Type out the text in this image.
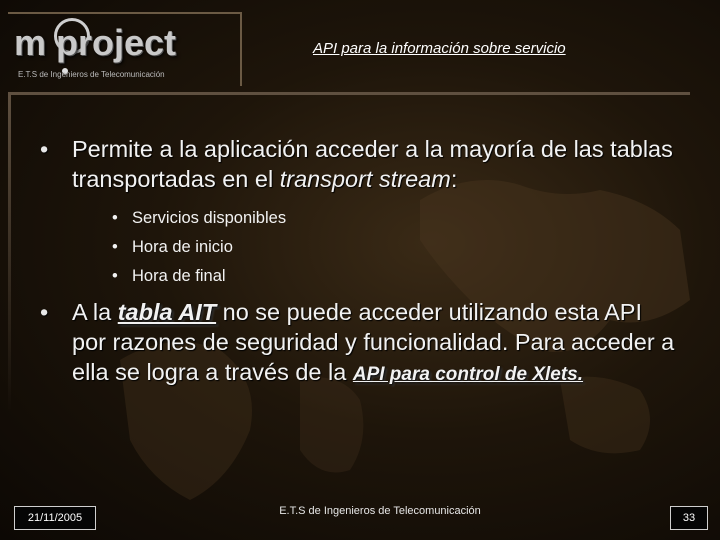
m project
E.T.S de Ingenieros de Telecomunicación
API para la información sobre servicio
• Permite a la aplicación acceder a la mayoría de las tablas transportadas en el transport stream:
• Servicios disponibles
• Hora de inicio
• Hora de final
• A la tabla AIT no se puede acceder utilizando esta API por razones de seguridad y funcionalidad. Para acceder a ella se logra a través de la API para control de Xlets.
21/11/2005
E.T.S de Ingenieros de Telecomunicación
33
